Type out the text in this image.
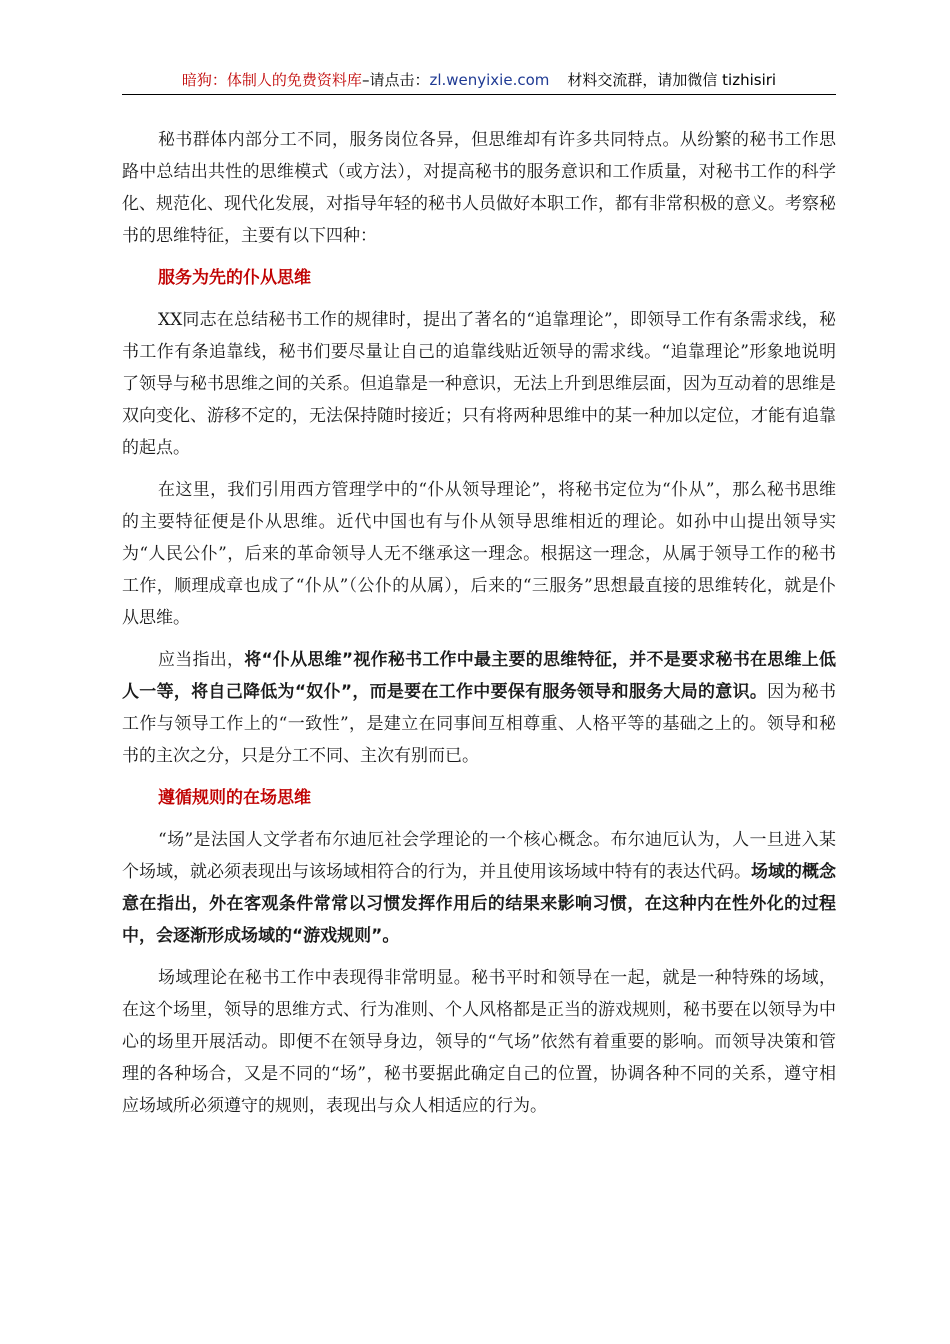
暗狗：体制人的免费资料库–请点击：zl.wenyixie.com 材料交流群，请加微信 tizhisiri

秘书群体内部分工不同，服务岗位各异，但思维却有许多共同特点。从纷繁的秘书工作思路中总结出共性的思维模式（或方法），对提高秘书的服务意识和工作质量，对秘书工作的科学化、规范化、现代化发展，对指导年轻的秘书人员做好本职工作，都有非常积极的意义。考察秘书的思维特征，主要有以下四种：

服务为先的仆从思维

XX同志在总结秘书工作的规律时，提出了著名的“追靠理论”，即领导工作有条需求线，秘书工作有条追靠线，秘书们要尽量让自己的追靠线贴近领导的需求线。“追靠理论”形象地说明了领导与秘书思维之间的关系。但追靠是一种意识，无法上升到思维层面，因为互动着的思维是双向变化、游移不定的，无法保持随时接近；只有将两种思维中的某一种加以定位，才能有追靠的起点。

在这里，我们引用西方管理学中的“仆从领导理论”，将秘书定位为“仆从”，那么秘书思维的主要特征便是仆从思维。近代中国也有与仆从领导思维相近的理论。如孙中山提出领导实为“人民公仆”，后来的革命领导人无不继承这一理念。根据这一理念，从属于领导工作的秘书工作，顺理成章也成了“仆从”（公仆的从属），后来的“三服务”思想最直接的思维转化，就是仆从思维。

应当指出，将“仆从思维”视作秘书工作中最主要的思维特征，并不是要求秘书在思维上低人一等，将自己降低为“奴仆”，而是要在工作中要保有服务领导和服务大局的意识。因为秘书工作与领导工作上的“一致性”，是建立在同事间互相尊重、人格平等的基础之上的。领导和秘书的主次之分，只是分工不同、主次有别而已。

遵循规则的在场思维

“场”是法国人文学者布尔迪厄社会学理论的一个核心概念。布尔迪厄认为，人一旦进入某个场域，就必须表现出与该场域相符合的行为，并且使用该场域中特有的表达代码。场域的概念意在指出，外在客观条件常常以习惯发挥作用后的结果来影响习惯，在这种内在性外化的过程中，会逐渐形成场域的“游戏规则”。

场域理论在秘书工作中表现得非常明显。秘书平时和领导在一起，就是一种特殊的场域，在这个场里，领导的思维方式、行为准则、个人风格都是正当的游戏规则，秘书要在以领导为中心的场里开展活动。即便不在领导身边，领导的“气场”依然有着重要的影响。而领导决策和管理的各种场合，又是不同的“场”，秘书要据此确定自己的位置，协调各种不同的关系，遵守相应场域所必须遵守的规则，表现出与众人相适应的行为。
